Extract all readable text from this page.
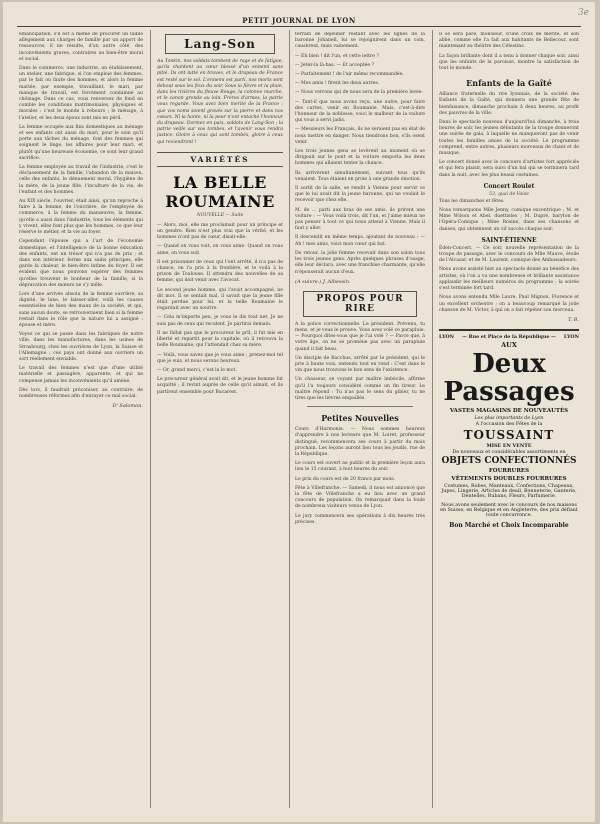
3e
PETIT JOURNAL DE LYON

émancipation, s'il est à même de procurer un faible allègement aux charges de famille par un apport de ressources, il ne résulte, d'un autre côté, des inconvénients graves, contraires au bien-être moral et social.

Dans le commerce, une industrie, un établissement, un atelier, une fabrique, si l'on emploie des femmes, par le fait ou faute des hommes, et alors la femme mariée, par exemple, travaillant, le mari, par manque de travail, est forcément condamné au chômage. Dans ce cas, vous renversez de fond en comble les conditions matrimoniales, physiques et morales : c'est le monde à rebours ; le ménage, à l'atelier, et les deux époux sont mis en péril.

La femme occupée aux fins domestiques au ménage et ses enfants ont aussi du mari, pour le soin qu'il porte aux tâches du ménage, font des femmes qui soignent le linge, les affaires pour leur mari, et plutôt qu'une heureuse économie, ce sont leur grand sacrifice.

La femme employée au travail de l'industrie, c'est le déclassement de la famille, l'abandon de la maison, celle des enfants, le dénuement moral, l'hygiène de la mère, de la jeune fille, l'inculture de la vie, de l'enfant et des hommes.

Au XIX siècle, l'ouvrier, était ainsi, qu'un reproche à faire à la femme, de l'ouvrière, de l'employée de commerce, à la femme du manœuvre, la femme, qu'elle a aussi dans l'industrie, tous les éléments qui y vivent, elles font plus que les hommes, ce que leur réserve le métier, et la vie au foyer.

Cependant l'épouse qui a l'art de l'économie domestique, et l'intelligence de la bonne éducation des enfants, ont un trésor qui n'a pas de prix ; et dans son intérieur, ferme aux sains principes, elle garde la chaleur, le bien-être intime du foyer. Il est évident que nous pouvons espérer des femmes qu'elles trouvent le bonheur de la famille, si la dépravation des mœurs ne s'y mêle.

Lors d'une arrivée absolu de la femme ouvrière, sa dignité, le luxe, le laisser-aller, voilà les causes essentielles de bien des maux de la société, et qui, sans aucun doute, se retrouveraient bien si la femme restait dans le rôle que la nature lui a assigné : épouse et mère.

Voyez ce qui se passe dans les fabriques de notre ville, dans les manufactures, dans les usines de Strasbourg, chez les ouvrières de Lyon, la Suisse et l'Allemagne ; ces pays ont donné aux ouvriers un sort réellement enviable.

Le travail des femmes n'est que d'une utilité matérielle et passagère, apparente, et qui ne compense jamais les inconvénients qu'il amène.

Dès lors, il faudrait préconiser, au contraire, de nombreuses réformes afin d'enrayer ce mal social.

D' Salomon.
Lang-Son

Au Tonkin, nos soldats tombent de rage et de fatigue, qu'ils chantent au cœur blessé d'un ennemi sans pitié. Ils ont lutté en braves, et le drapeau de France est resté sur le sol. L'ennemi est parti, nos morts sont debout sous les feux du soir. Sous la fièvre et la pluie, dans les rizières du fleuve Rouge, la colonne marche, et le canon gronde au loin. Frères d'armes, la patrie vous regarde. Vous avez bien mérité de la France ; que vos noms soient gravés sur la pierre et dans nos cœurs. Ni la honte, ni la peur n'ont entaché l'honneur du drapeau. Dormez en paix, soldats de Lang-Son ; la patrie veille sur vos tombes, et l'avenir vous rendra justice. Gloire à ceux qui sont tombés, gloire à ceux qui reviendront !

VARIÉTÉS
LA BELLE ROUMAINE
NOUVELLE — Suite

— Alors, moi, elle me proclamait pour un principe et un gendre. Rien n'est plus vrai que la vérité, et les hommes n'ont pas de cœur, disait-elle.

— Quand on vous voit, on vous aime. Quand on vous aime, on vous suit.

Il est prisonnier de ceux qui l'ont arrêté, il n'a pas de chance, on l'a pris à la frontière, et le voilà à la prison de Toulouse. Il attendra des nouvelles de sa femme, qui doit venir avec l'avocat.

Le second jeune homme, qui l'avait accompagné, ne dit mot. Il se sentait mal, il savait que la jeune fille était perdue pour lui, et la belle Roumaine le regardait avec un sourire.

— Cela m'importe peu, je vous le dis tout net. Je ne suis pas de ceux qui reculent. Je partirai demain.

Il ne fallut pas que le procureur le prît, il fut mis en liberté et repartit pour la capitale, où il retrouva la belle Roumaine, qui l'attendait chez sa mère.

— Voilà, vous savez que je vous aime ; prenez-moi tel que je suis, et nous serons heureux.

— Or, grand merci, c'est la le mot.

Le procureur général avait dit, et le jeune homme fut acquitté ; il revint auprès de celle qu'il aimait, et ils partirent ensemble pour Bucarest.

terrain de déjeuner restant avec les lignes de la baronne Johanell, lui se rejoignirent dans un coin, causèrent, mais vainement.

— Eh bien ! dit l'un, et cette lettre ?

— Jetez-la là-bas. — Et acceptée ?

— Parfaitement ! de l'air même recommandée.

— Mes amis ! firent les deux autres.

— Nous verrons qui de nous sera de la première levée.

— Tant-il que nous avons reçu, une autre, pour faire des cartes, venir en Roumanie. Mais, c'est-à-dire l'honneur de la noblesse, voici le malheur de la voilure qui vous a servi jadis.

— Messieurs les Français, ils ne seraient pas en état de nous mettre en danger. Nous tiendrons bon, s'ils osent venir.

Les trois jeunes gens se levèrent au moment où se dirigeait sur le pont et la voiture emporta les deux hommes qui allaient tenter la chance.

Ils arrivèrent simultanément, suivant tous qu'ils venaient. Tous étaient en proie à une grande émotion.

Il sortit de la salle, se rendit à Vienne pour servir ce que le lui avait dit la jeune baronne, qui ne voulait le recevoir que chez elle.

M. de ... parti aux bras de ses amis, ils prirent une voiture : — Vous voilà trois, dit l'un, et j'aime mieux ne pas penser à tout ce qui nous attend à Vienne. Mais il faut y aller.

Il descendit en même temps, ajoutant de nouveau : — Ah ! mes amis, voici mon cœur qui bat.

De retour, la jolie femme recevait dans son salon tous les trois jeunes gens. Après quelques phrases d'usage, elle leur déclara, avec une franchise charmante, qu'elle n'épouserait aucun d'eux.

(A suivre.) J. Albessin.
PROPOS POUR RIRE

A la police correctionnelle. Le président. Prévenu, tu mens, et je vous le prouve. Vous avez volé ce parapluie. — Pourquoi dites-vous que je l'ai volé ? — Parce que, à votre âge, on ne se promène pas avec un parapluie quand il fait beau.

Un disciple de Bacchus, arrêté par le président, qui le prie à haute voix, entendu tout en rond : C'est dans le vin que nous trouvons le bon sens de l'existence.

Un chasseur, se voyant par maître imbécile, affirme qu'il l'a toujours considéré comme un fin tireur. Le maître répond : Tu n'as pas le sens du gibier, tu ne tires que les lièvres empaillés.

Petites Nouvelles

Cours d'Harmonie. — Nous sommes heureux d'apprendre à nos lecteurs que M. Loiret, professeur distingué, recommencera ses cours à partir du mois prochain. Les leçons auront lieu tous les jeudis, rue de la République.

Le cours est ouvert au public et la première leçon aura lieu le 15 courant, à huit heures du soir.

Le prix du cours est de 20 francs par mois.

Fête à Villefranche. — Samedi, il nous est annoncé que la fête de Villefranche a eu lieu avec un grand concours de population. On remarquait dans la foule de nombreux visiteurs venus de Lyon.

Le jury commencera ses opérations à dix heures très précises.

Il se sera paré, monsieur, d'une croix de mérite, et son abbé, comme elle l'a fait aux habitants de Bellecour, sont maintenant au théâtre des Célestins.

La façon brillante dont il a tenu à donner chaque soir, ainsi que les enfants de la paroisse, montre la satisfaction de tout le monde.

Enfants de la Gaîté

Alliance fraternelle du rire lyonnais, de la société des Enfants de la Gaîté, qui donnera une grande fête de bienfaisance, dimanche prochain à deux heures, au profit des pauvres de la ville.

Dans le spectacle nouveau d'aujourd'hui dimanche, à trois heures de soir, les jeunes débutants de la troupe donneront une soirée de gala, à laquelle ne manqueront pas de venir toutes les familles amies de la société. Le programme comprend, entre autres, plusieurs morceaux de chant et de musique.

Le concert donné avec le concours d'artistes fort appréciés et qui fera plaisir, sera suivi d'un bal qui se terminera tard dans la nuit, avec les plus beaux costumes.

Concert Roulet
53, quai de Vaise

Tous les dimanches et fêtes.

Nous remarquons Mlle Jenny, comique excentrique ; M. et Mme Wilson et Abel, duettistes ; M. Dupré, baryton de l'Opéra-Comique ; Mme Rosine, dans ses chansons et danses, qui obtiennent un vif succès chaque soir.

SAINT-ÉTIENNE

Éden-Concert. — Ce soir, nouvelle représentation de la troupe de passage, avec le concours de Mlle Mauve, étoile de l'Alcazar, et de M. Laurent, comique des Ambassadeurs.

Nous avons assisté hier au spectacle donné au bénéfice des artistes, où l'on a vu une nombreuse et brillante assistance applaudir les meilleurs numéros du programme ; la soirée s'est terminée fort tard.

Nous avons entendu Mlle Laure, Paul Mignon, Florence et un excellent orchestre ; on a beaucoup remarqué la jolie chanson de M. Victor, à qui on a fait répéter son morceau.

T. B.
LYON — Rue et Place de la République — LYON
AUX
Deux Passages
VASTES MAGASINS DE NOUVEAUTÉS
Les plus importants de Lyon
A l'occasion des Fêtes de la
TOUSSAINT
MISE EN VENTE
De nouveaux et considérables assortiments en
OBJETS CONFECTIONNÉS
FOURRURES
VÊTEMENTS DOUBLES FOURRURES
Costumes, Robes, Manteaux, Confections, Chapeaux, Jupes, Lingerie, Articles de deuil, Bonneterie, Ganterie, Dentelles, Rubans, Fleurs, Parfumerie.
Nous avons seulement avec le concours de nos maisons en Suisse, en Belgique et en Angleterre, des prix défiant toute concurrence.
Bon Marché et Choix Incomparable
